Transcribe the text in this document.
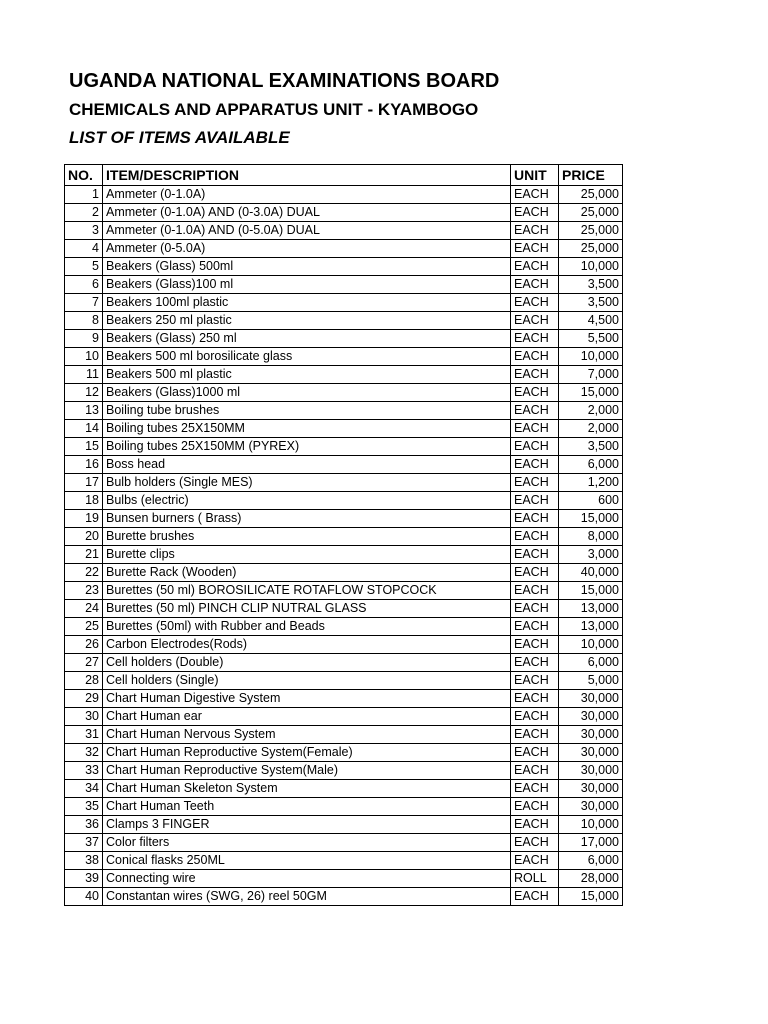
UGANDA NATIONAL EXAMINATIONS BOARD
CHEMICALS AND APPARATUS UNIT - KYAMBOGO
LIST OF ITEMS AVAILABLE
NO.	ITEM/DESCRIPTION	UNIT	PRICE
1	Ammeter (0-1.0A)	EACH	25,000
2	Ammeter (0-1.0A) AND (0-3.0A) DUAL	EACH	25,000
3	Ammeter (0-1.0A) AND (0-5.0A) DUAL	EACH	25,000
4	Ammeter (0-5.0A)	EACH	25,000
5	Beakers (Glass) 500ml	EACH	10,000
6	Beakers (Glass)100 ml	EACH	3,500
7	Beakers 100ml plastic	EACH	3,500
8	Beakers 250 ml plastic	EACH	4,500
9	Beakers (Glass) 250 ml	EACH	5,500
10	Beakers 500 ml borosilicate glass	EACH	10,000
11	Beakers 500 ml plastic	EACH	7,000
12	Beakers (Glass)1000 ml	EACH	15,000
13	Boiling tube brushes	EACH	2,000
14	Boiling tubes 25X150MM	EACH	2,000
15	Boiling tubes 25X150MM (PYREX)	EACH	3,500
16	Boss head	EACH	6,000
17	Bulb holders (Single MES)	EACH	1,200
18	Bulbs (electric)	EACH	600
19	Bunsen burners ( Brass)	EACH	15,000
20	Burette brushes	EACH	8,000
21	Burette clips	EACH	3,000
22	Burette Rack (Wooden)	EACH	40,000
23	Burettes (50 ml) BOROSILICATE ROTAFLOW STOPCOCK	EACH	15,000
24	Burettes (50 ml) PINCH CLIP NUTRAL GLASS	EACH	13,000
25	Burettes (50ml) with Rubber and Beads	EACH	13,000
26	Carbon Electrodes(Rods)	EACH	10,000
27	Cell holders (Double)	EACH	6,000
28	Cell holders (Single)	EACH	5,000
29	Chart Human Digestive System	EACH	30,000
30	Chart Human ear	EACH	30,000
31	Chart Human Nervous System	EACH	30,000
32	Chart Human Reproductive System(Female)	EACH	30,000
33	Chart Human Reproductive System(Male)	EACH	30,000
34	Chart Human Skeleton System	EACH	30,000
35	Chart Human Teeth	EACH	30,000
36	Clamps 3 FINGER	EACH	10,000
37	Color filters	EACH	17,000
38	Conical flasks 250ML	EACH	6,000
39	Connecting wire	ROLL	28,000
40	Constantan wires (SWG, 26) reel 50GM	EACH	15,000
